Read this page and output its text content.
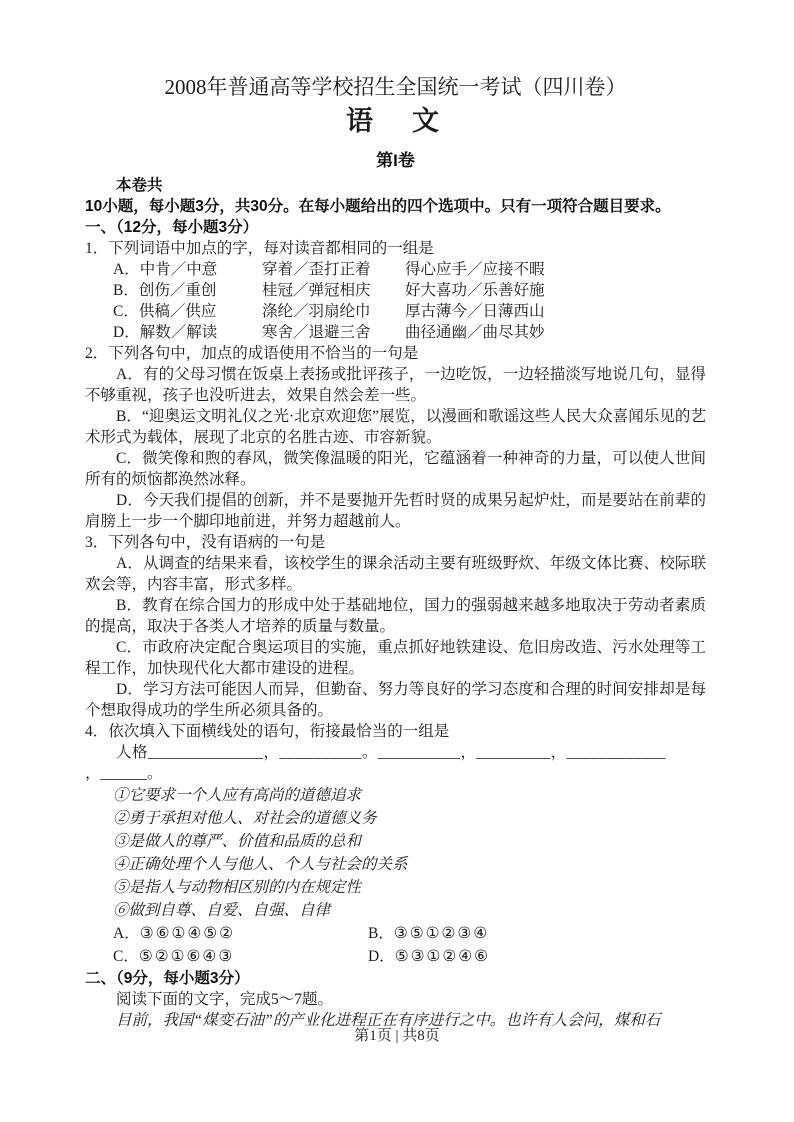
2008年普通高等学校招生全国统一考试（四川卷）
语　文
第I卷

本卷共

10小题，每小题3分，共30分。在每小题给出的四个选项中。只有一项符合题目要求。

一、（12分，每小题3分）

1．下列词语中加点的字，每对读音都相同的一组是

A．中肯／中意	穿着／歪打正着	得心应手／应接不暇
B．创伤／重创	桂冠／弹冠相庆	好大喜功／乐善好施
C．供稿／供应	涤纶／羽扇纶巾	厚古薄今／日薄西山
D．解数／解读	寒舍／退避三舍	曲径通幽／曲尽其妙

2．下列各句中，加点的成语使用不恰当的一句是

A．有的父母习惯在饭桌上表扬或批评孩子，一边吃饭，一边轻描淡写地说几句，显得不够重视，孩子也没听进去，效果自然会差一些。

B．“迎奥运文明礼仪之光·北京欢迎您”展览，以漫画和歌谣这些人民大众喜闻乐见的艺术形式为载体，展现了北京的名胜古迹、市容新貌。

C．微笑像和煦的春风，微笑像温暖的阳光，它蕴涵着一种神奇的力量，可以使人世间所有的烦恼都涣然冰释。

D．今天我们提倡的创新，并不是要抛开先哲时贤的成果另起炉灶，而是要站在前辈的肩膀上一步一个脚印地前进，并努力超越前人。

3．下列各句中，没有语病的一句是

A．从调查的结果来看，该校学生的课余活动主要有班级野炊、年级文体比赛、校际联欢会等，内容丰富，形式多样。

B．教育在综合国力的形成中处于基础地位，国力的强弱越来越多地取决于劳动者素质的提高，取决于各类人才培养的质量与数量。

C．市政府决定配合奥运项目的实施，重点抓好地铁建设、危旧房改造、污水处理等工程工作，加快现代化大都市建设的进程。

D．学习方法可能因人而异，但勤奋、努力等良好的学习态度和合理的时间安排却是每个想取得成功的学生所必须具备的。

4．依次填入下面横线处的语句，衔接最恰当的一组是

人格______________，__________。__________，_________，____________

，______。

①它要求一个人应有高尚的道德追求

②勇于承担对他人、对社会的道德义务

③是做人的尊严、价值和品质的总和

④正确处理个人与他人、个人与社会的关系

⑤是指人与动物相区别的内在规定性

⑥做到自尊、自爱、自强、自律

A．③⑥①④⑤②	B．③⑤①②③④
C．⑤②①⑥④③	D．⑤③①②④⑥

二、（9分，每小题3分）

阅读下面的文字，完成5～7题。

目前，我国“煤变石油”的产业化进程正在有序进行之中。也许有人会问，煤和石

第1页 | 共8页
